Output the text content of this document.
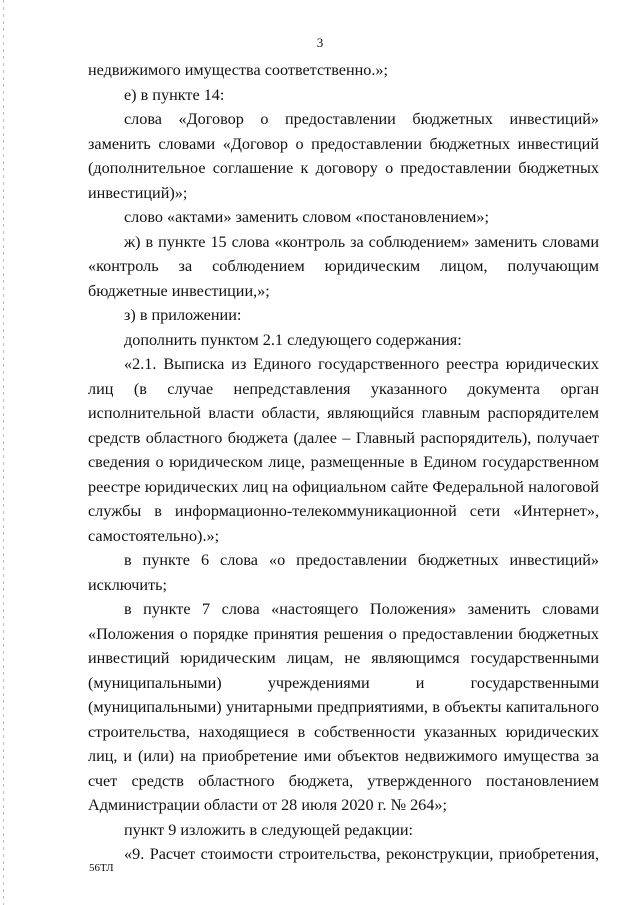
3

недвижимого имущества соответственно.»;

е) в пункте 14:

слова «Договор о предоставлении бюджетных инвестиций» заменить словами «Договор о предоставлении бюджетных инвестиций (дополнительное соглашение к договору о предоставлении бюджетных инвестиций)»;

слово «актами» заменить словом «постановлением»;

ж) в пункте 15 слова «контроль за соблюдением» заменить словами «контроль за соблюдением юридическим лицом, получающим бюджетные инвестиции,»;

з) в приложении:

дополнить пунктом 2.1 следующего содержания:

«2.1. Выписка из Единого государственного реестра юридических лиц (в случае непредставления указанного документа орган исполнительной власти области, являющийся главным распорядителем средств областного бюджета (далее – Главный распорядитель), получает сведения о юридическом лице, размещенные в Едином государственном реестре юридических лиц на официальном сайте Федеральной налоговой службы в информационно-телекоммуникационной сети «Интернет», самостоятельно).»;

в пункте 6 слова «о предоставлении бюджетных инвестиций» исключить;

в пункте 7 слова «настоящего Положения» заменить словами «Положения о порядке принятия решения о предоставлении бюджетных инвестиций юридическим лицам, не являющимся государственными (муниципальными) учреждениями и государственными (муниципальными) унитарными предприятиями, в объекты капитального строительства, находящиеся в собственности указанных юридических лиц, и (или) на приобретение ими объектов недвижимого имущества за счет средств областного бюджета, утвержденного постановлением Администрации области от 28 июля 2020 г. № 264»;

пункт 9 изложить в следующей редакции:

«9. Расчет стоимости строительства, реконструкции, приобретения,

56ТЛ
